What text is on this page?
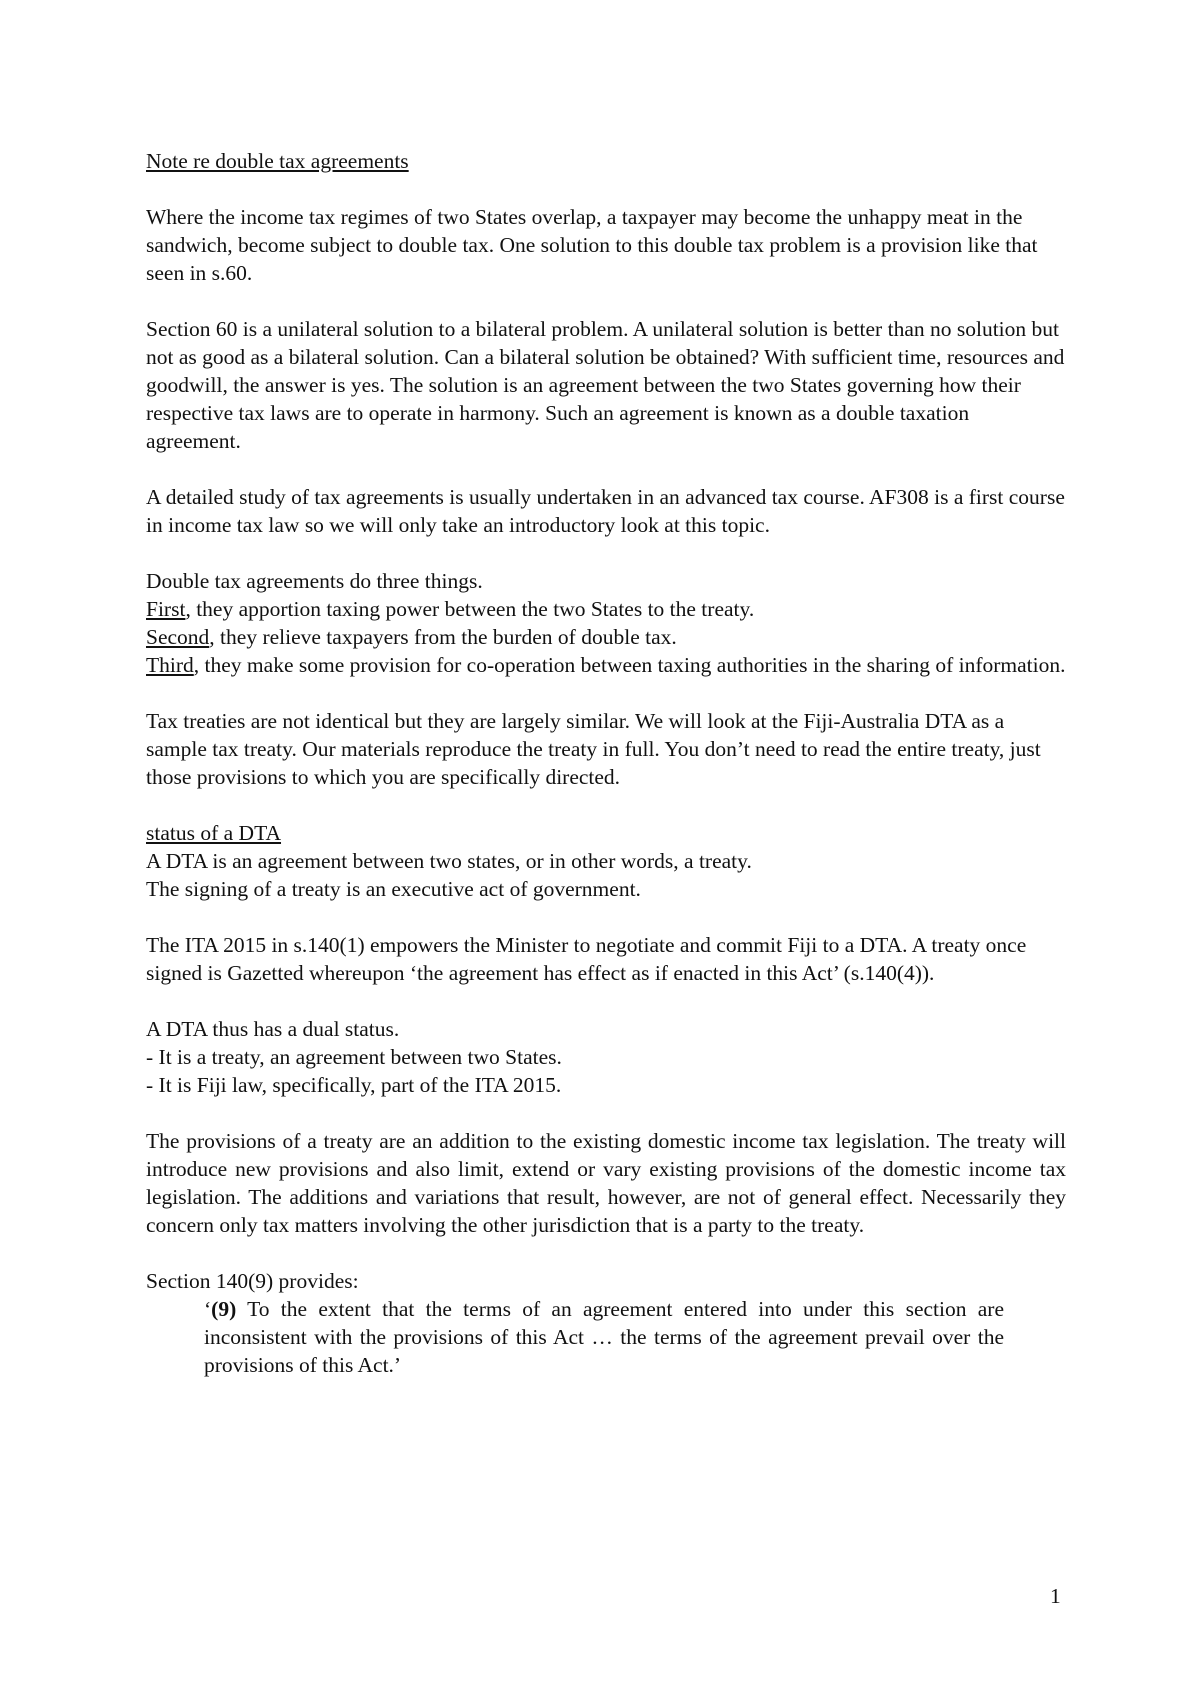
Note re double tax agreements

Where the income tax regimes of two States overlap, a taxpayer may become the unhappy meat in the sandwich, become subject to double tax. One solution to this double tax problem is a provision like that seen in s.60.

Section 60 is a unilateral solution to a bilateral problem. A unilateral solution is better than no solution but not as good as a bilateral solution. Can a bilateral solution be obtained? With sufficient time, resources and goodwill, the answer is yes. The solution is an agreement between the two States governing how their respective tax laws are to operate in harmony. Such an agreement is known as a double taxation agreement.

A detailed study of tax agreements is usually undertaken in an advanced tax course. AF308 is a first course in income tax law so we will only take an introductory look at this topic.

Double tax agreements do three things.

First, they apportion taxing power between the two States to the treaty.

Second, they relieve taxpayers from the burden of double tax.

Third, they make some provision for co-operation between taxing authorities in the sharing of information.

Tax treaties are not identical but they are largely similar. We will look at the Fiji-Australia DTA as a sample tax treaty. Our materials reproduce the treaty in full. You don’t need to read the entire treaty, just those provisions to which you are specifically directed.

status of a DTA

A DTA is an agreement between two states, or in other words, a treaty.

The signing of a treaty is an executive act of government.

The ITA 2015 in s.140(1) empowers the Minister to negotiate and commit Fiji to a DTA. A treaty once signed is Gazetted whereupon ‘the agreement has effect as if enacted in this Act’ (s.140(4)).

A DTA thus has a dual status.

- It is a treaty, an agreement between two States.

- It is Fiji law, specifically, part of the ITA 2015.

The provisions of a treaty are an addition to the existing domestic income tax legislation. The treaty will introduce new provisions and also limit, extend or vary existing provisions of the domestic income tax legislation. The additions and variations that result, however, are not of general effect. Necessarily they concern only tax matters involving the other jurisdiction that is a party to the treaty.

Section 140(9) provides:

‘(9) To the extent that the terms of an agreement entered into under this section are inconsistent with the provisions of this Act … the terms of the agreement prevail over the provisions of this Act.’

1
